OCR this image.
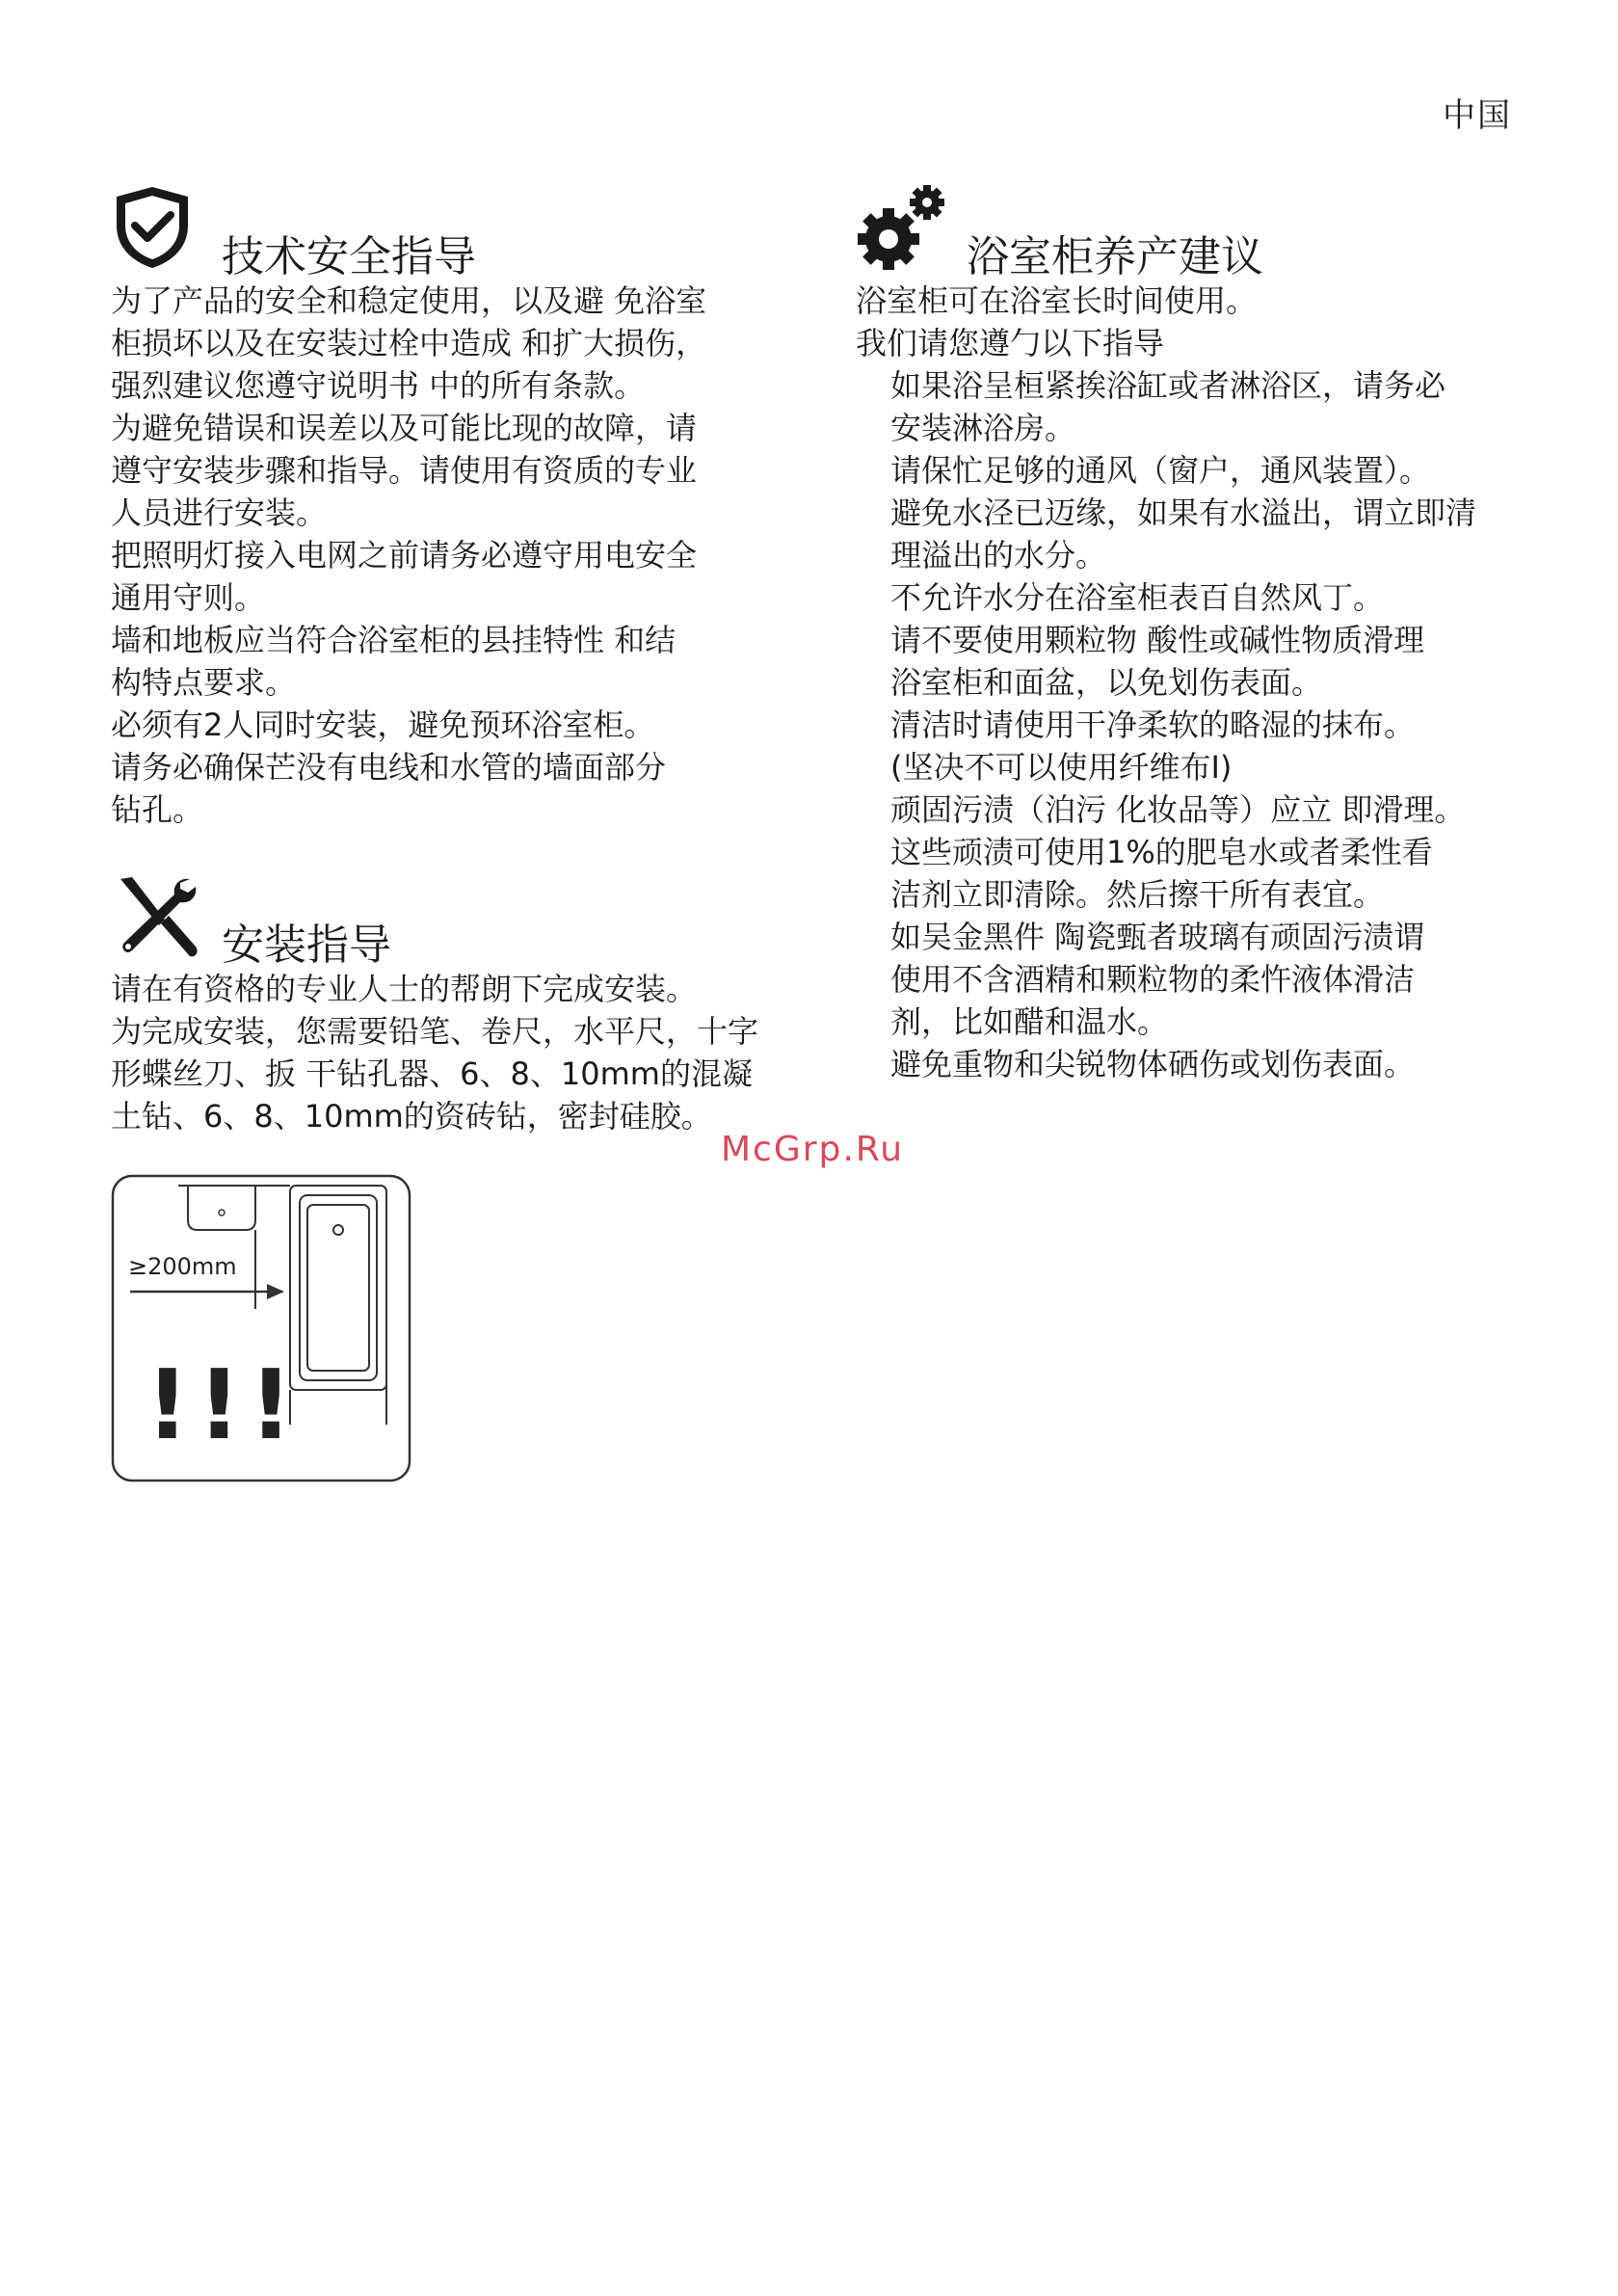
中国
技术安全指导

为了产品的安全和稳定使用，以及避 免浴室
柜损坏以及在安装过栓中造成 和扩大损伤，
强烈建议您遵守说明书 中的所有条款。

为避免错误和误差以及可能比现的故障，请
遵守安装步骤和指导。请使用有资质的专业
人员进行安装。

把照明灯接入电网之前请务必遵守用电安全
通用守则。

墙和地板应当符合浴室柜的县挂特性 和结
构特点要求。

必须有2人同时安装，避免预环浴室柜。

请务必确保芒没有电线和水管的墙面部分
钻孔。

安装指导

请在有资格的专业人士的帮朗下完成安装。

为完成安装，您需要铅笔、卷尺，水平尺，十字
形蝶丝刀、扳 干钻孔器、6、8、10mm的混凝
土钻、6、8、10mm的资砖钻，密封硅胶。

≥200mm
!!!
浴室柜养产建议

浴室柜可在浴室长时间使用。

我们请您遵勹以下指导

如果浴呈桓紧挨浴缸或者淋浴区，请务必
安装淋浴房。

请保忙足够的通风（窗户，通风装置）。

避免水泾已迈缘，如果有水溢出，谓立即清
理溢出的水分。

不允许水分在浴室柜表百自然风丁。

请不要使用颗粒物 酸性或碱性物质滑理
浴室柜和面盆，以免划伤表面。

清洁时请使用干净柔软的略湿的抹布。
(坚决不可以使用纤维布I)

顽固污渍（泊污 化妆品等）应立 即滑理。
这些顽渍可使用1%的肥皂水或者柔性看
洁剂立即清除。然后擦干所有表宜。

如吴金黑件 陶瓷甄者玻璃有顽固污渍谓
使用不含酒精和颗粒物的柔忤液体滑洁
剂，比如醋和温水。

避免重物和尖锐物体硒伤或划伤表面。

McGrp.Ru
